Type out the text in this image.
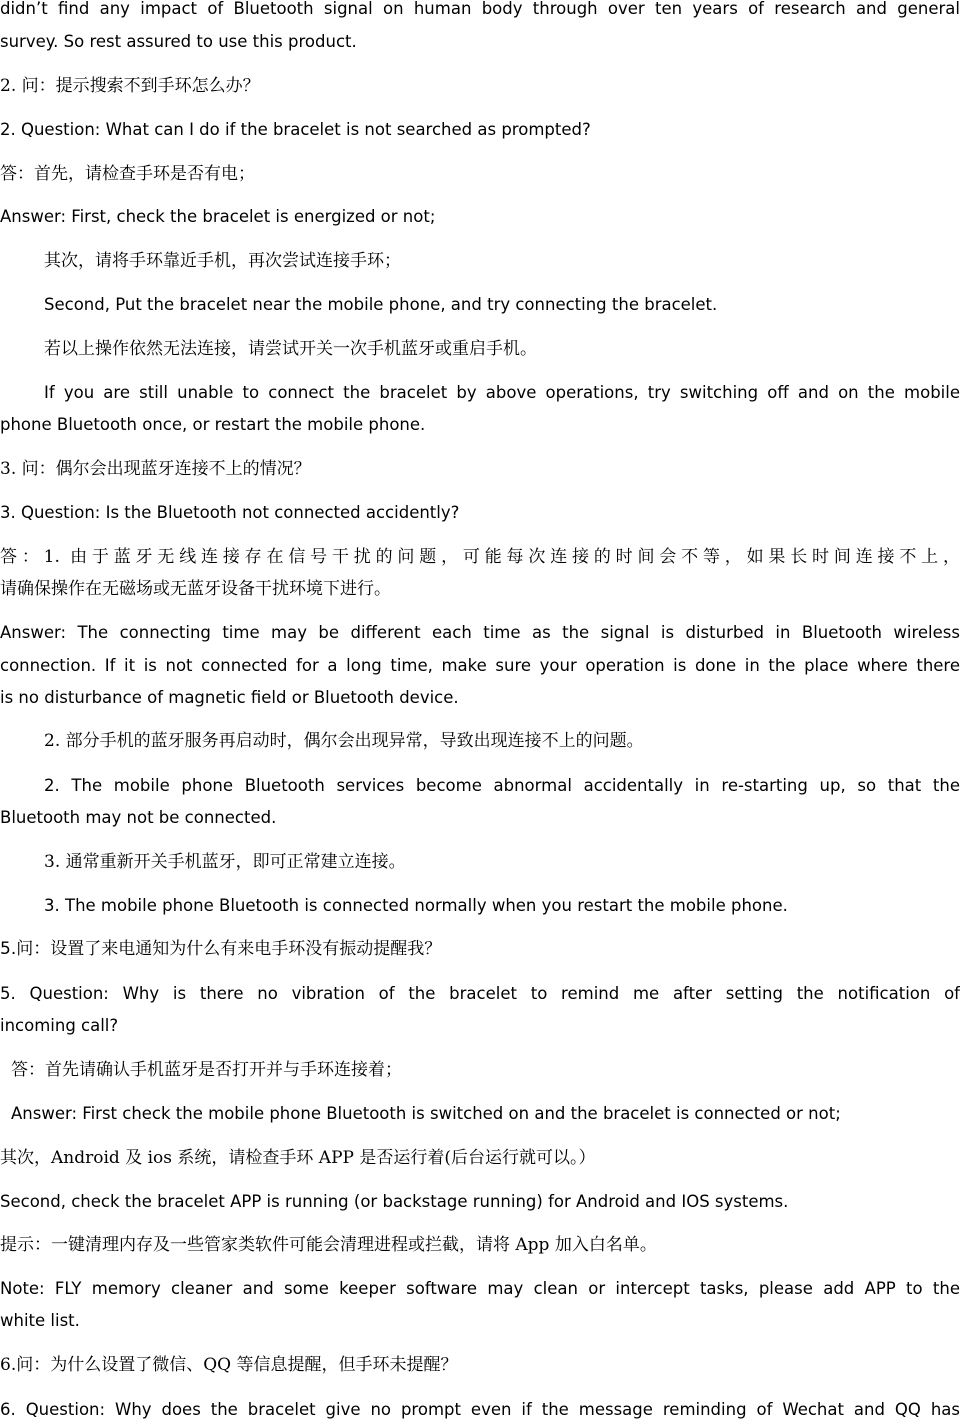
didn’t find any impact of Bluetooth signal on human body through over ten years of research and general

survey. So rest assured to use this product.

2. 问：提示搜索不到手环怎么办？

2. Question: What can I do if the bracelet is not searched as prompted?

答：首先，请检查手环是否有电；

Answer: First, check the bracelet is energized or not;

其次，请将手环靠近手机，再次尝试连接手环；

Second, Put the bracelet near the mobile phone, and try connecting the bracelet.

若以上操作依然无法连接，请尝试开关一次手机蓝牙或重启手机。

If you are still unable to connect the bracelet by above operations, try switching off and on the mobile

phone Bluetooth once, or restart the mobile phone.

3. 问：偶尔会出现蓝牙连接不上的情况？

3. Question: Is the Bluetooth not connected accidently?

答：1. 由于蓝牙无线连接存在信号干扰的问题，可能每次连接的时间会不等，如果长时间连接不上，

请确保操作在无磁场或无蓝牙设备干扰环境下进行。

Answer: The connecting time may be different each time as the signal is disturbed in Bluetooth wireless

connection. If it is not connected for a long time, make sure your operation is done in the place where there

is no disturbance of magnetic field or Bluetooth device.

2. 部分手机的蓝牙服务再启动时，偶尔会出现异常，导致出现连接不上的问题。

2. The mobile phone Bluetooth services become abnormal accidentally in re-starting up, so that the

Bluetooth may not be connected.

3. 通常重新开关手机蓝牙，即可正常建立连接。

3. The mobile phone Bluetooth is connected normally when you restart the mobile phone.

5.问：设置了来电通知为什么有来电手环没有振动提醒我？

5. Question: Why is there no vibration of the bracelet to remind me after setting the notification of

incoming call?

答：首先请确认手机蓝牙是否打开并与手环连接着；

Answer: First check the mobile phone Bluetooth is switched on and the bracelet is connected or not;

其次，Android 及 ios 系统，请检查手环 APP 是否运行着(后台运行就可以。）

Second, check the bracelet APP is running (or backstage running) for Android and IOS systems.

提示：一键清理内存及一些管家类软件可能会清理进程或拦截，请将 App 加入白名单。

Note: FLY memory cleaner and some keeper software may clean or intercept tasks, please add APP to the

white list.

6.问：为什么设置了微信、QQ 等信息提醒，但手环未提醒？

6. Question: Why does the bracelet give no prompt even if the message reminding of Wechat and QQ has
